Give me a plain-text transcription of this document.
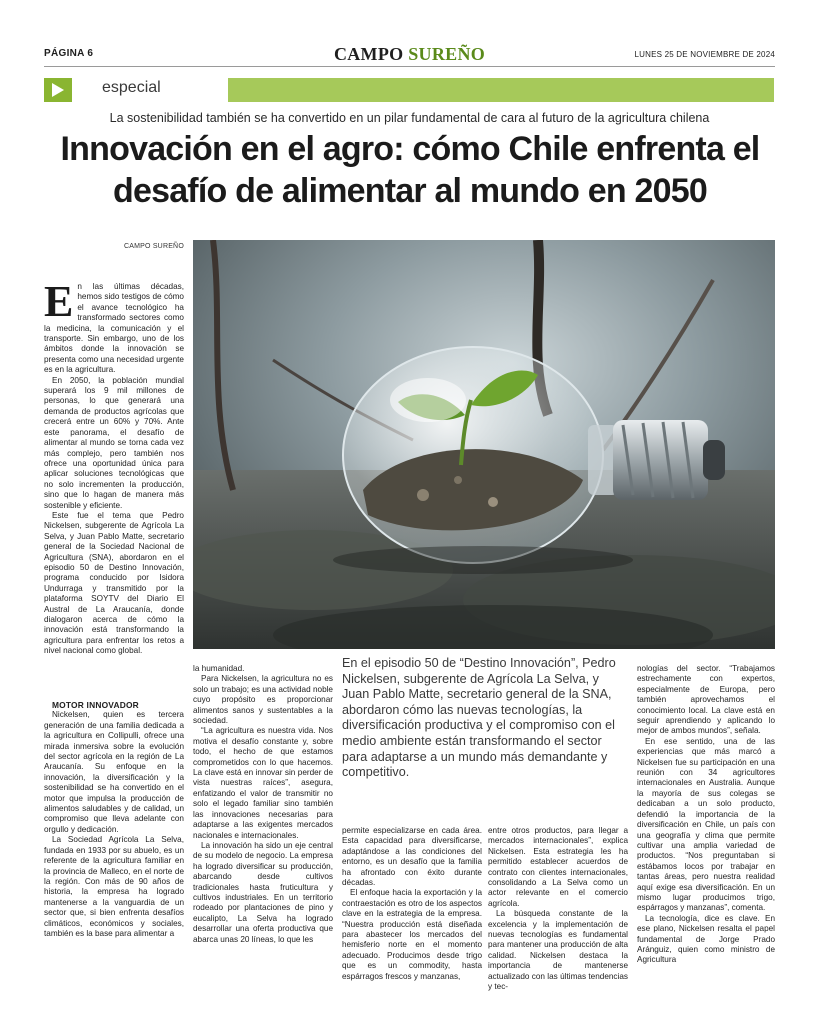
PÁGINA 6	CAMPO SUREÑO	LUNES 25 DE NOVIEMBRE DE 2024
especial
La sostenibilidad también se ha convertido en un pilar fundamental de cara al futuro de la agricultura chilena
Innovación en el agro: cómo Chile enfrenta el
desafío de alimentar al mundo en 2050
CAMPO SUREÑO
E n las últimas décadas, hemos sido testigos de cómo el avance tecnológico ha transformado sectores como la medicina, la comunicación y el transporte. Sin embargo, uno de los ámbitos donde la innovación se presenta como una necesidad urgente es en la agricultura.

En 2050, la población mundial superará los 9 mil millones de personas, lo que generará una demanda de productos agrícolas que crecerá entre un 60% y 70%. Ante este panorama, el desafío de alimentar al mundo se torna cada vez más complejo, pero también nos ofrece una oportunidad única para aplicar soluciones tecnológicas que no solo incrementen la producción, sino que lo hagan de manera más sostenible y eficiente.

Este fue el tema que Pedro Nickelsen, subgerente de Agrícola La Selva, y Juan Pablo Matte, secretario general de la Sociedad Nacional de Agricultura (SNA), abordaron en el episodio 50 de Destino Innovación, programa conducido por Isidora Undurraga y transmitido por la plataforma SOYTV del Diario El Austral de La Araucanía, donde dialogaron acerca de cómo la innovación está transformando la agricultura para enfrentar los retos a nivel nacional como global.

MOTOR INNOVADOR

Nickelsen, quien es tercera generación de una familia dedicada a la agricultura en Collipulli, ofrece una mirada inmersiva sobre la evolución del sector agrícola en la región de La Araucanía. Su enfoque en la innovación, la diversificación y la sostenibilidad se ha convertido en el motor que impulsa la producción de alimentos saludables y de calidad, un compromiso que lleva adelante con orgullo y dedicación.

La Sociedad Agrícola La Selva, fundada en 1933 por su abuelo, es un referente de la agricultura familiar en la provincia de Malleco, en el norte de la región. Con más de 90 años de historia, la empresa ha logrado mantenerse a la vanguardia de un sector que, si bien enfrenta desafíos climáticos, económicos y sociales, también es la base para alimentar a

la humanidad.

Para Nickelsen, la agricultura no es solo un trabajo; es una actividad noble cuyo propósito es proporcionar alimentos sanos y sustentables a la sociedad.

“La agricultura es nuestra vida. Nos motiva el desafío constante y, sobre todo, el hecho de que estamos comprometidos con lo que hacemos. La clave está en innovar sin perder de vista nuestras raíces”, asegura, enfatizando el valor de transmitir no solo el legado familiar sino también las innovaciones necesarias para adaptarse a las exigentes mercados nacionales e internacionales.

La innovación ha sido un eje central de su modelo de negocio. La empresa ha logrado diversificar su producción, abarcando desde cultivos tradicionales hasta fruticultura y cultivos industriales. En un territorio rodeado por plantaciones de pino y eucalipto, La Selva ha logrado desarrollar una oferta productiva que abarca unas 20 líneas, lo que les

En el episodio 50 de “Destino Innovación”, Pedro Nickelsen, subgerente de Agrícola La Selva, y Juan Pablo Matte, secretario general de la SNA, abordaron cómo las nuevas tecnologías, la diversificación productiva y el compromiso con el medio ambiente están transformando el sector para adaptarse a un mundo más demandante y competitivo.

permite especializarse en cada área. Esta capacidad para diversificarse, adaptándose a las condiciones del entorno, es un desafío que la familia ha afrontado con éxito durante décadas.

El enfoque hacia la exportación y la contraestación es otro de los aspectos clave en la estrategia de la empresa. “Nuestra producción está diseñada para abastecer los mercados del hemisferio norte en el momento adecuado. Producimos desde trigo que es un commodity, hasta espárragos frescos y manzanas,

entre otros productos, para llegar a mercados internacionales”, explica Nickelsen. Esta estrategia les ha permitido establecer acuerdos de contrato con clientes internacionales, consolidando a La Selva como un actor relevante en el comercio agrícola.

La búsqueda constante de la excelencia y la implementación de nuevas tecnologías es fundamental para mantener una producción de alta calidad. Nickelsen destaca la importancia de mantenerse actualizado con las últimas tendencias y tec-

nologías del sector. “Trabajamos estrechamente con expertos, especialmente de Europa, pero también aprovechamos el conocimiento local. La clave está en seguir aprendiendo y aplicando lo mejor de ambos mundos”, señala.

En ese sentido, una de las experiencias que más marcó a Nickelsen fue su participación en una reunión con 34 agricultores internacionales en Australia. Aunque la mayoría de sus colegas se dedicaban a un solo producto, defendió la importancia de la diversificación en Chile, un país con una geografía y clima que permite cultivar una amplia variedad de productos. “Nos preguntaban si estábamos locos por trabajar en tantas áreas, pero nuestra realidad aquí exige esa diversificación. En un mismo lugar producimos trigo, espárragos y manzanas”, comenta.

La tecnología, dice es clave. En ese plano, Nickelsen resalta el papel fundamental de Jorge Prado Aránguiz, quien como ministro de Agricultura
